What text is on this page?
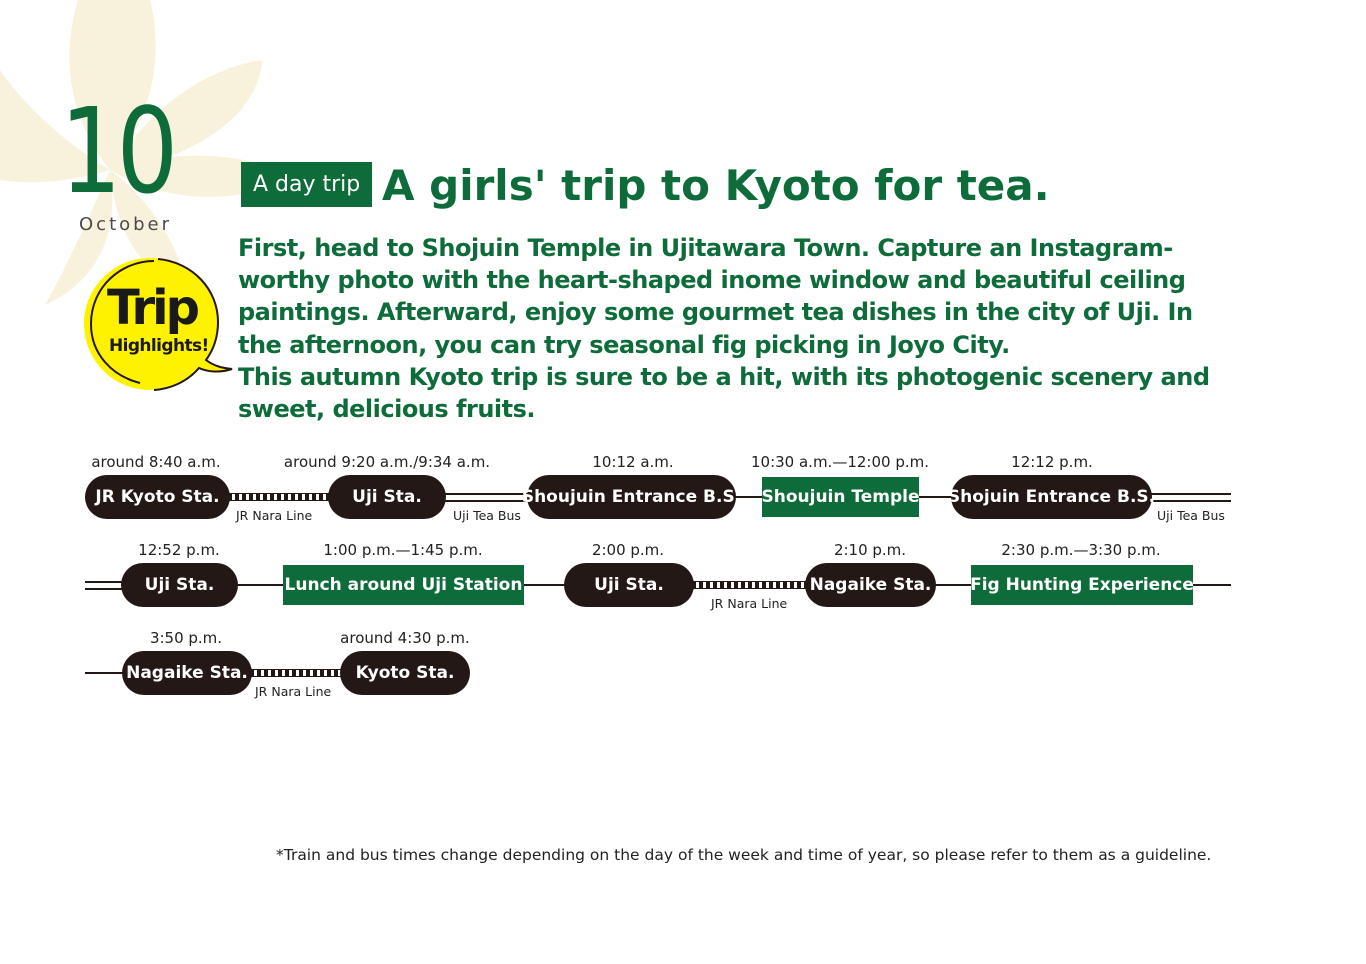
10
October
Trip
Highlights!
A day trip A girls' trip to Kyoto for tea.

First, head to Shojuin Temple in Ujitawara Town. Capture an Instagram-worthy photo with the heart-shaped inome window and beautiful ceiling paintings. Afterward, enjoy some gourmet tea dishes in the city of Uji. In the afternoon, you can try seasonal fig picking in Joyo City.

This autumn Kyoto trip is sure to be a hit, with its photogenic scenery and sweet, delicious fruits.

around 8:40 a.m.
JR Kyoto Sta.
around 9:20 a.m./9:34 a.m.
Uji Sta.
10:12 a.m.
Shoujuin Entrance B.S.
10:30 a.m.—12:00 p.m.
Shoujuin Temple
12:12 p.m.
Shojuin Entrance B.S.
JR Nara Line	Uji Tea Bus	Uji Tea Bus
12:52 p.m.
Uji Sta.
1:00 p.m.—1:45 p.m.
Lunch around Uji Station
2:00 p.m.
Uji Sta.
2:10 p.m.
Nagaike Sta.
2:30 p.m.—3:30 p.m.
Fig Hunting Experience
JR Nara Line
3:50 p.m.
Nagaike Sta.
around 4:30 p.m.
Kyoto Sta.
JR Nara Line
*Train and bus times change depending on the day of the week and time of year, so please refer to them as a guideline.
